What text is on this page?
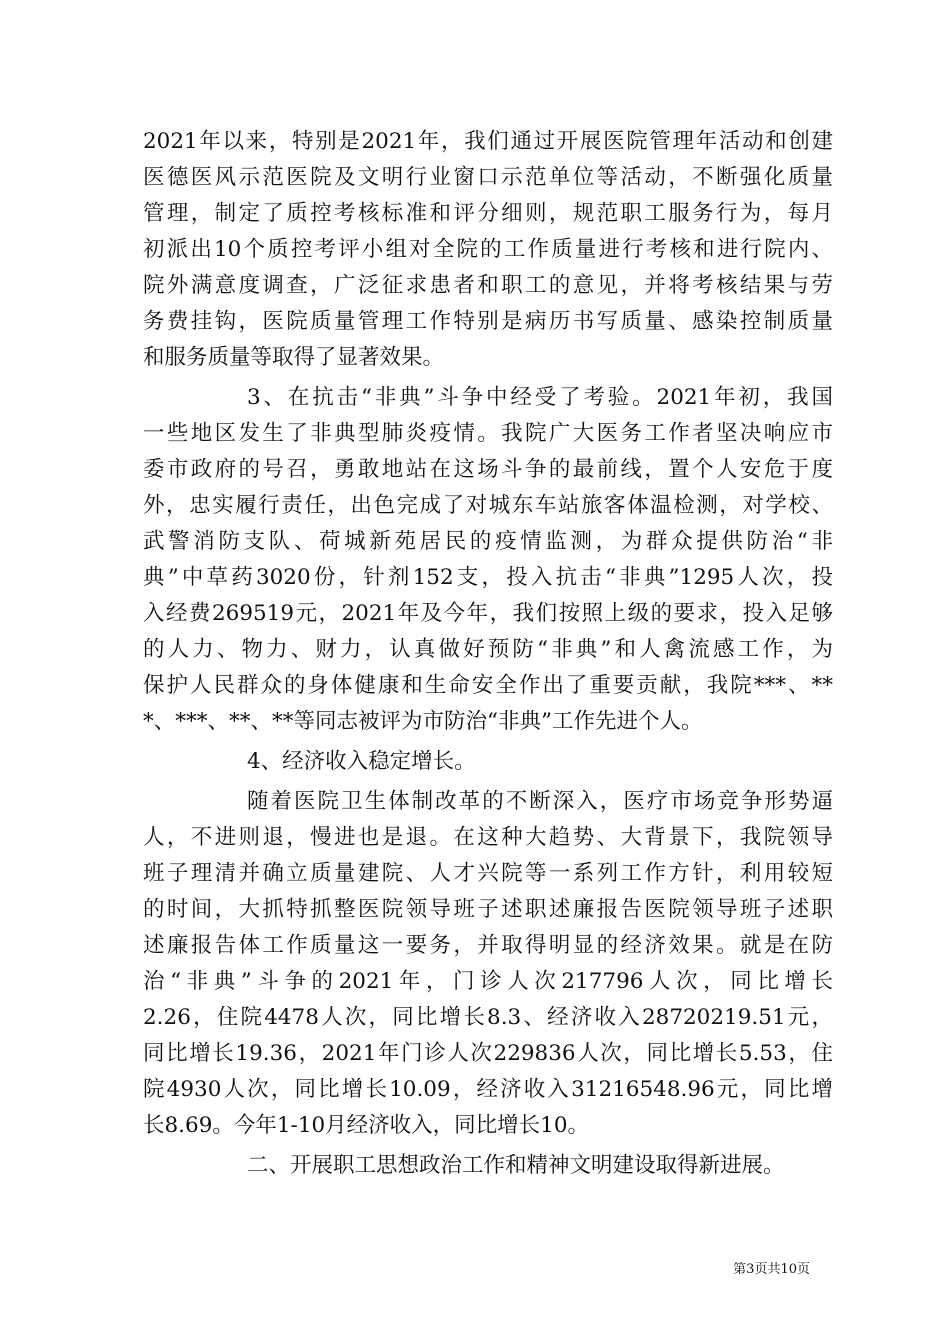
2021年以来，特别是2021年，我们通过开展医院管理年活动和创建
医德医风示范医院及文明行业窗口示范单位等活动，不断强化质量
管理，制定了质控考核标准和评分细则，规范职工服务行为，每月
初派出10个质控考评小组对全院的工作质量进行考核和进行院内、
院外满意度调查，广泛征求患者和职工的意见，并将考核结果与劳
务费挂钩，医院质量管理工作特别是病历书写质量、感染控制质量
和服务质量等取得了显著效果。
3、在抗击“非典”斗争中经受了考验。2021年初，我国
一些地区发生了非典型肺炎疫情。我院广大医务工作者坚决响应市
委市政府的号召，勇敢地站在这场斗争的最前线，置个人安危于度
外，忠实履行责任，出色完成了对城东车站旅客体温检测，对学校、
武警消防支队、荷城新苑居民的疫情监测，为群众提供防治“非
典”中草药3020份，针剂152支，投入抗击“非典”1295人次，投
入经费269519元，2021年及今年，我们按照上级的要求，投入足够
的人力、物力、财力，认真做好预防“非典”和人禽流感工作，为
保护人民群众的身体健康和生命安全作出了重要贡献，我院***、**
*、***、**、**等同志被评为市防治“非典”工作先进个人。
4、经济收入稳定增长。
随着医院卫生体制改革的不断深入，医疗市场竞争形势逼
人，不进则退，慢进也是退。在这种大趋势、大背景下，我院领导
班子理清并确立质量建院、人才兴院等一系列工作方针，利用较短
的时间，大抓特抓整医院领导班子述职述廉报告医院领导班子述职
述廉报告体工作质量这一要务，并取得明显的经济效果。就是在防
治“非典”斗争的2021年，门诊人次217796人次，同比增长
2.26，住院4478人次，同比增长8.3、经济收入28720219.51元，
同比增长19.36，2021年门诊人次229836人次，同比增长5.53，住
院4930人次，同比增长10.09，经济收入31216548.96元，同比增
长8.69。今年1-10月经济收入，同比增长10。
二、开展职工思想政治工作和精神文明建设取得新进展。
第3页共10页
